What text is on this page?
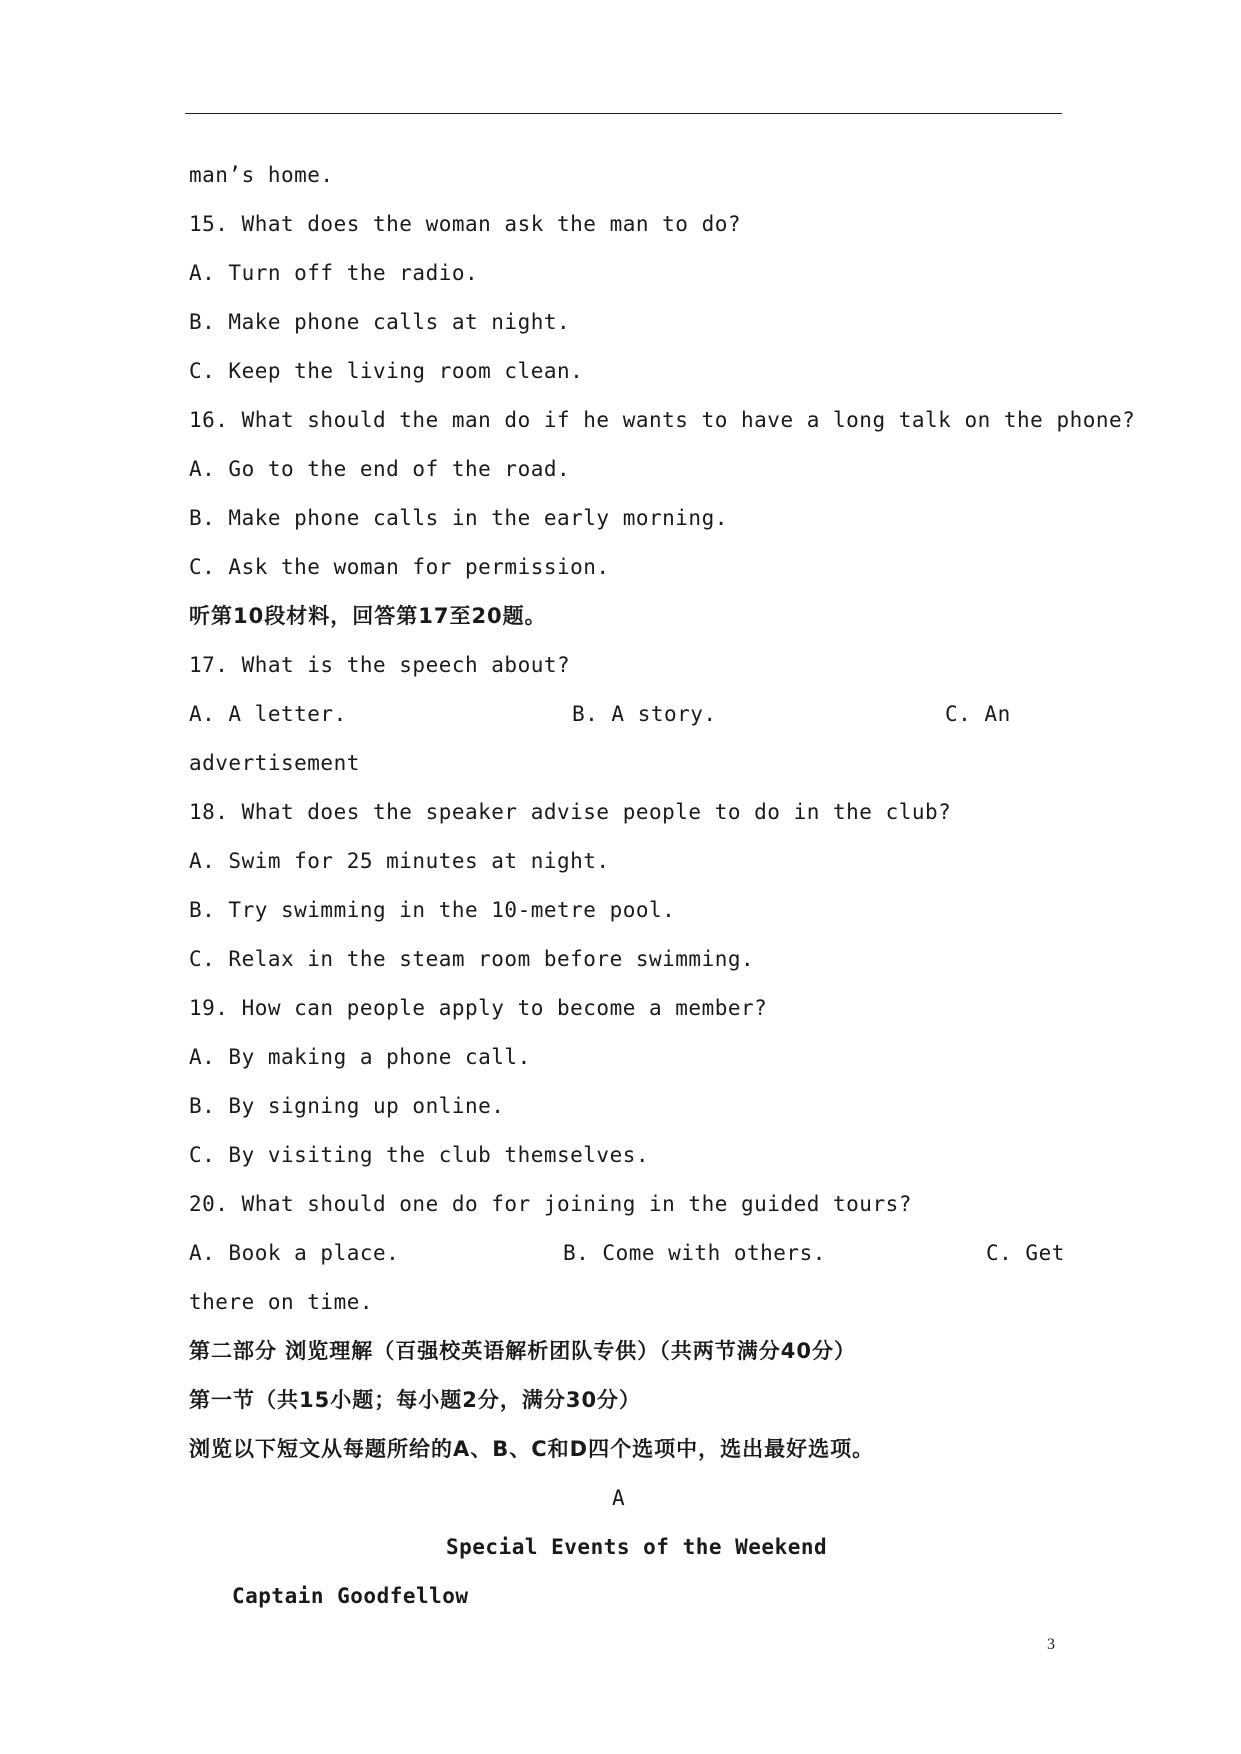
man’s home.
15. What does the woman ask the man to do?
A. Turn off the radio.
B. Make phone calls at night.
C. Keep the living room clean.
16. What should the man do if he wants to have a long talk on the phone?
A. Go to the end of the road.
B. Make phone calls in the early morning.
C. Ask the woman for permission.
听第10段材料，回答第17至20题。
17. What is the speech about?
A. A letter.	B. A story.	C. An
advertisement
18. What does the speaker advise people to do in the club?
A. Swim for 25 minutes at night.
B. Try swimming in the 10-metre pool.
C. Relax in the steam room before swimming.
19. How can people apply to become a member?
A. By making a phone call.
B. By signing up online.
C. By visiting the club themselves.
20. What should one do for joining in the guided tours?
A. Book a place.	B. Come with others.	C. Get
there on time.
第二部分 浏览理解（百强校英语解析团队专供）（共两节满分40分）
第一节（共15小题；每小题2分，满分30分）
浏览以下短文从每题所给的A、B、C和D四个选项中，选出最好选项。
A
Special Events of the Weekend
Captain Goodfellow
3
